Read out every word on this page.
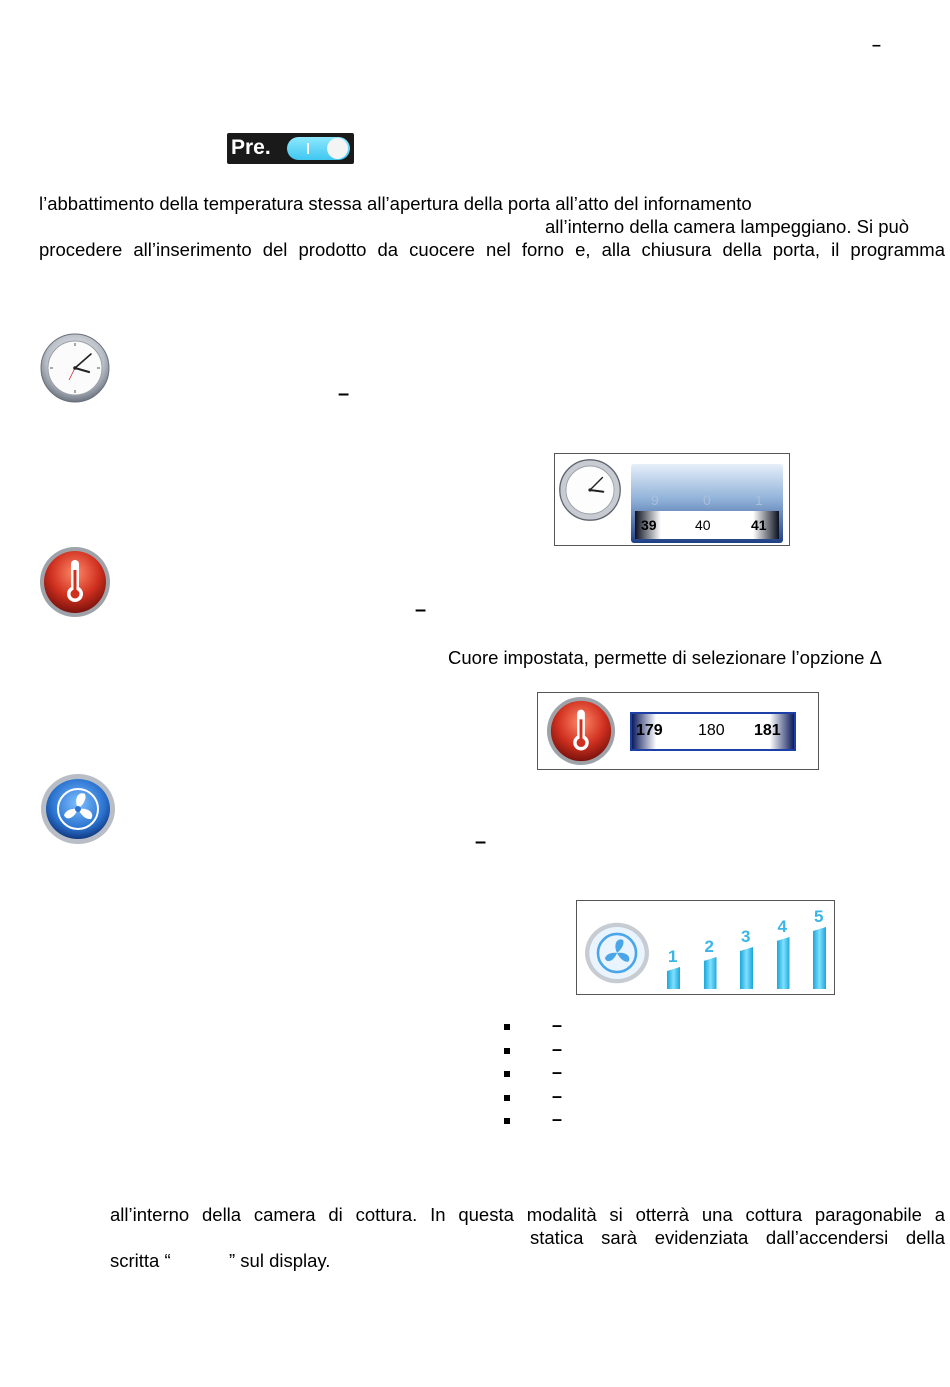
–
Pre.
l’abbattimento della temperatura stessa all’apertura della porta all’atto del infornamento
all’interno della camera lampeggiano. Si può
procedere all’inserimento del prodotto da cuocere nel forno e, alla chiusura della porta, il programma
–
9	0	1
39	40	41
–
Cuore impostata, permette di selezionare l’opzione Δ
179 180 181
–
1
2
3
4
5
–
–
–
–
–
all’interno della camera di cottura. In questa modalità si otterrà una cottura paragonabile a
statica sarà evidenziata dall’accendersi della
scritta “	” sul display.
